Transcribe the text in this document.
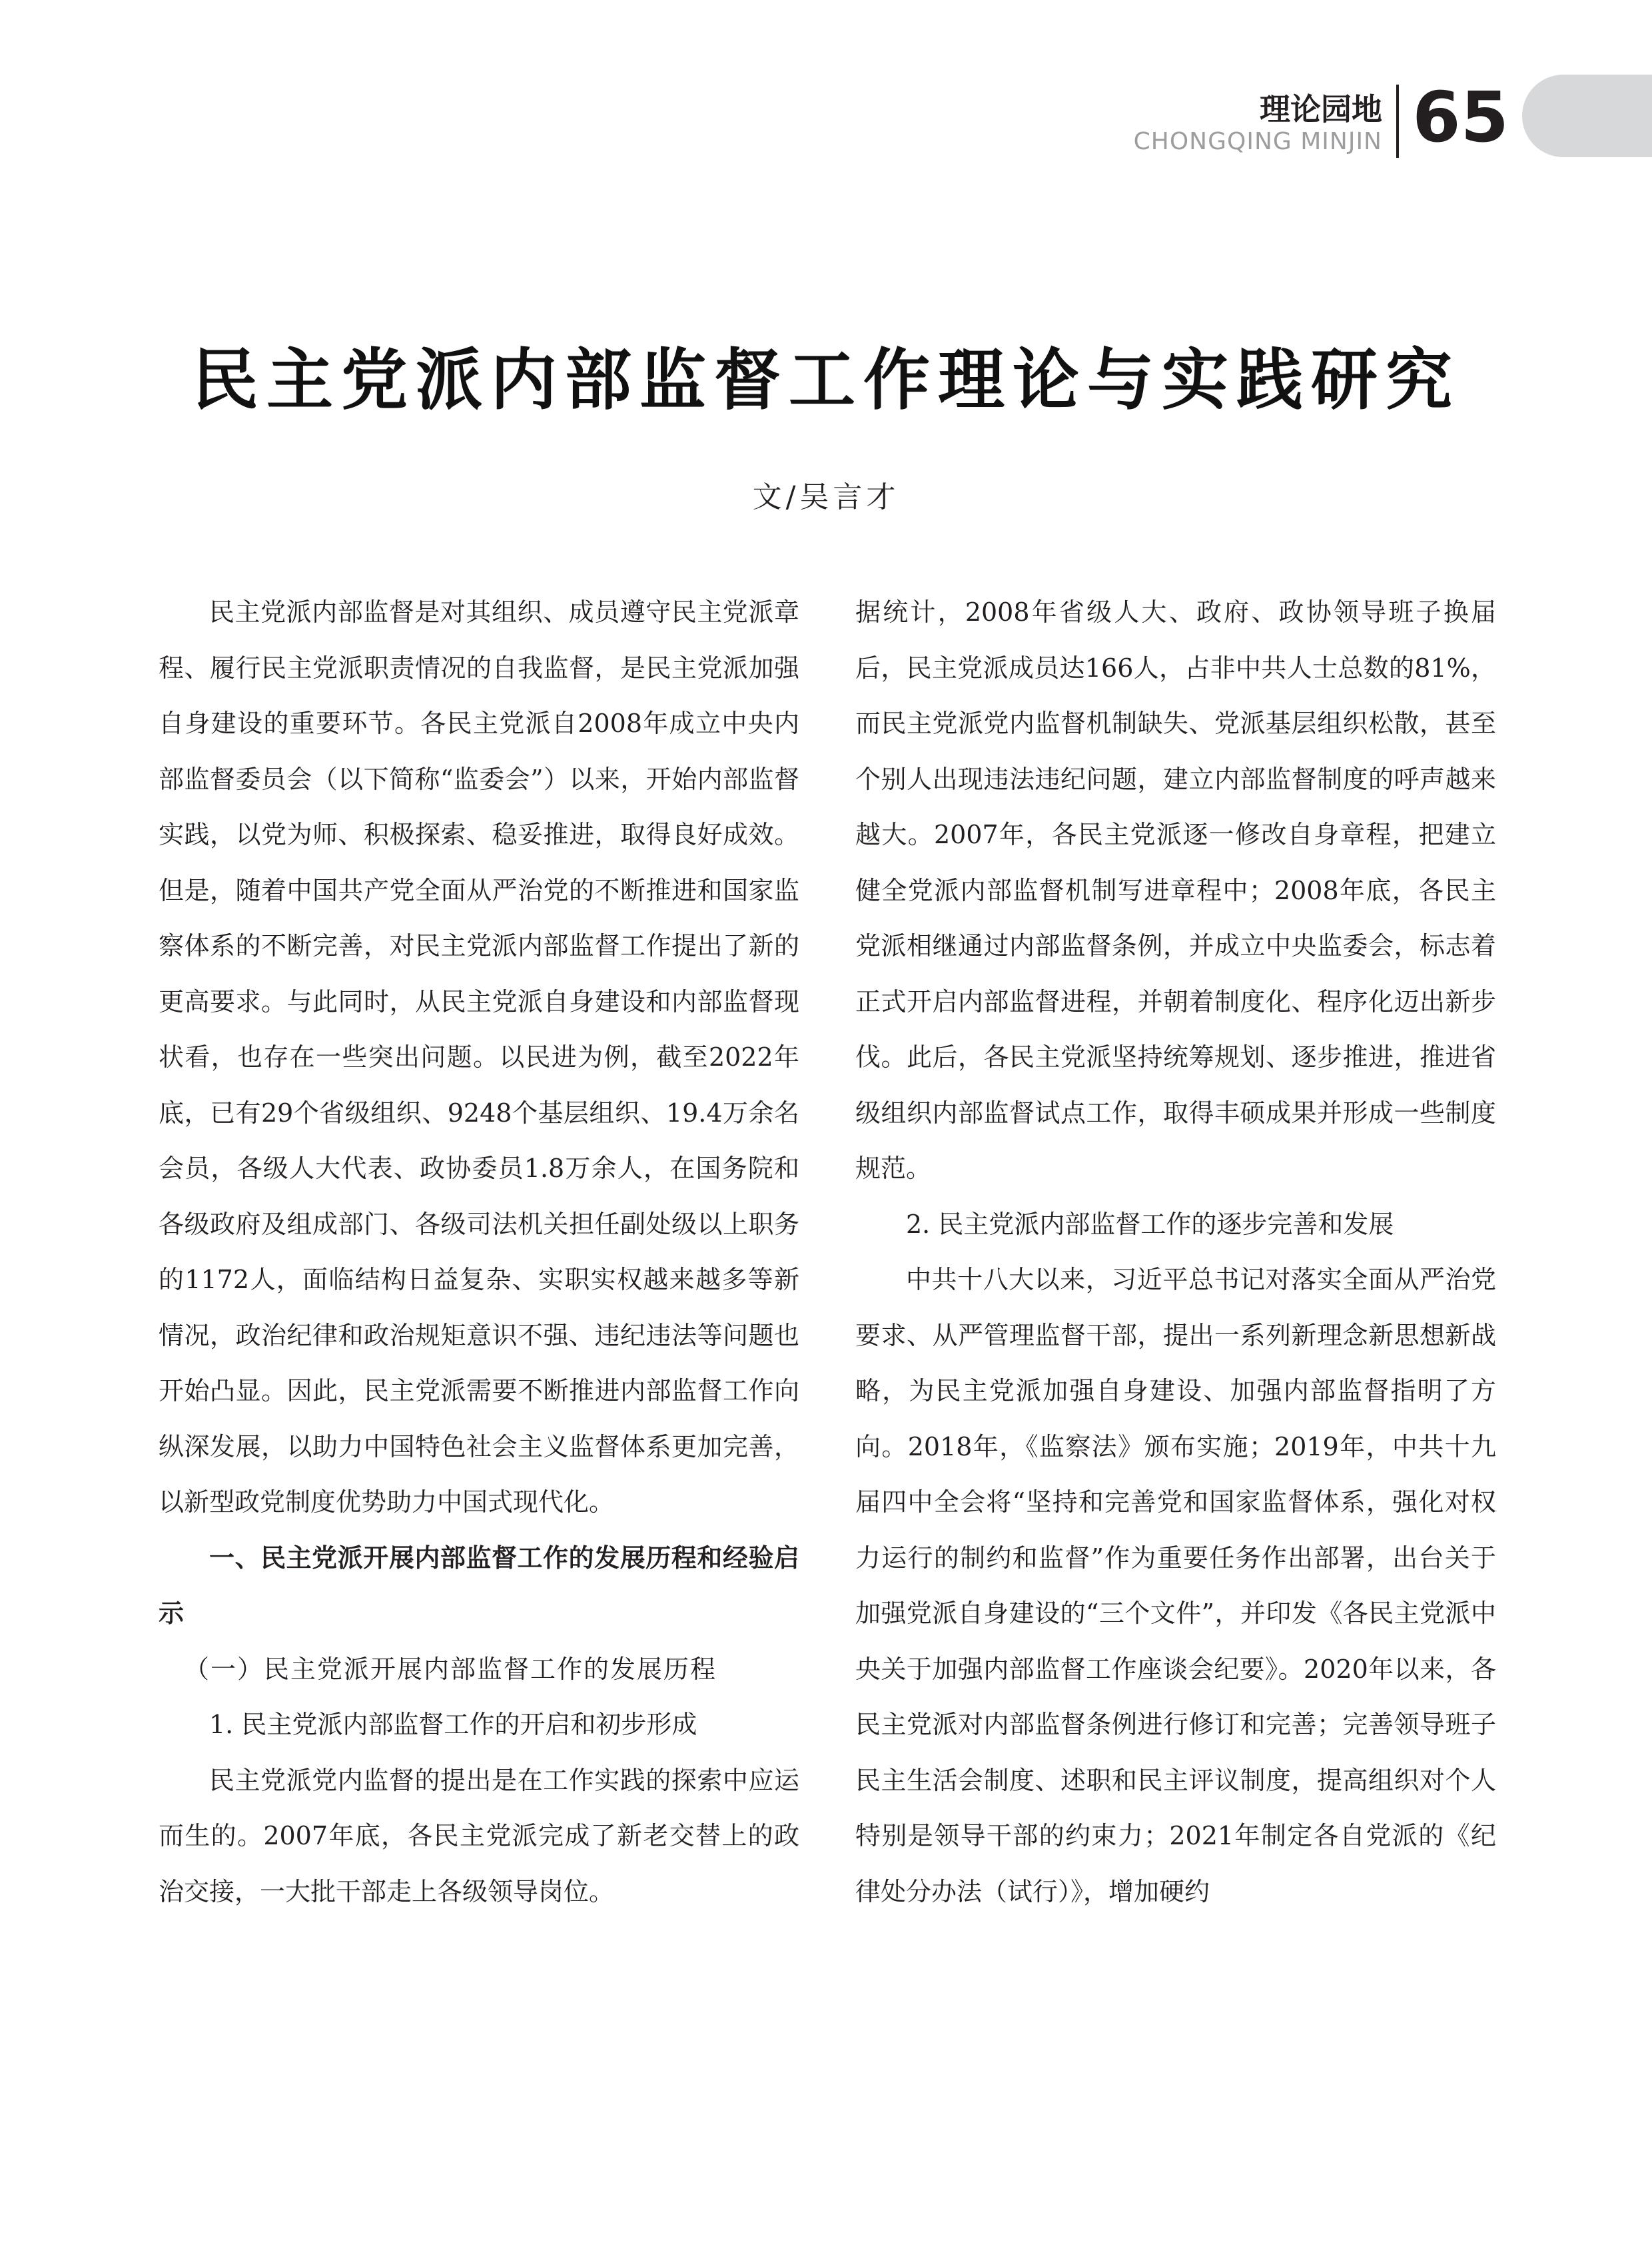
理论园地
CHONGQING MINJIN 65
民主党派内部监督工作理论与实践研究
文/吴言才

民主党派内部监督是对其组织、成员遵守民主党派章程、履行民主党派职责情况的自我监督，是民主党派加强自身建设的重要环节。各民主党派自2008年成立中央内部监督委员会（以下简称“监委会”）以来，开始内部监督实践，以党为师、积极探索、稳妥推进，取得良好成效。但是，随着中国共产党全面从严治党的不断推进和国家监察体系的不断完善，对民主党派内部监督工作提出了新的更高要求。与此同时，从民主党派自身建设和内部监督现状看，也存在一些突出问题。以民进为例，截至2022年底，已有29个省级组织、9248个基层组织、19.4万余名会员，各级人大代表、政协委员1.8万余人，在国务院和各级政府及组成部门、各级司法机关担任副处级以上职务的1172人，面临结构日益复杂、实职实权越来越多等新情况，政治纪律和政治规矩意识不强、违纪违法等问题也开始凸显。因此，民主党派需要不断推进内部监督工作向纵深发展，以助力中国特色社会主义监督体系更加完善，以新型政党制度优势助力中国式现代化。

一、民主党派开展内部监督工作的发展历程和经验启示
（一）民主党派开展内部监督工作的发展历程
1. 民主党派内部监督工作的开启和初步形成

民主党派党内监督的提出是在工作实践的探索中应运而生的。2007年底，各民主党派完成了新老交替上的政治交接，一大批干部走上各级领导岗位。

据统计，2008年省级人大、政府、政协领导班子换届后，民主党派成员达166人，占非中共人士总数的81%，而民主党派党内监督机制缺失、党派基层组织松散，甚至个别人出现违法违纪问题，建立内部监督制度的呼声越来越大。2007年，各民主党派逐一修改自身章程，把建立健全党派内部监督机制写进章程中；2008年底，各民主党派相继通过内部监督条例，并成立中央监委会，标志着正式开启内部监督进程，并朝着制度化、程序化迈出新步伐。此后，各民主党派坚持统筹规划、逐步推进，推进省级组织内部监督试点工作，取得丰硕成果并形成一些制度规范。

2. 民主党派内部监督工作的逐步完善和发展

中共十八大以来，习近平总书记对落实全面从严治党要求、从严管理监督干部，提出一系列新理念新思想新战略，为民主党派加强自身建设、加强内部监督指明了方向。2018年，《监察法》颁布实施；2019年，中共十九届四中全会将“坚持和完善党和国家监督体系，强化对权力运行的制约和监督”作为重要任务作出部署，出台关于加强党派自身建设的“三个文件”，并印发《各民主党派中央关于加强内部监督工作座谈会纪要》。2020年以来，各民主党派对内部监督条例进行修订和完善；完善领导班子民主生活会制度、述职和民主评议制度，提高组织对个人特别是领导干部的约束力；2021年制定各自党派的《纪律处分办法（试行）》，增加硬约
